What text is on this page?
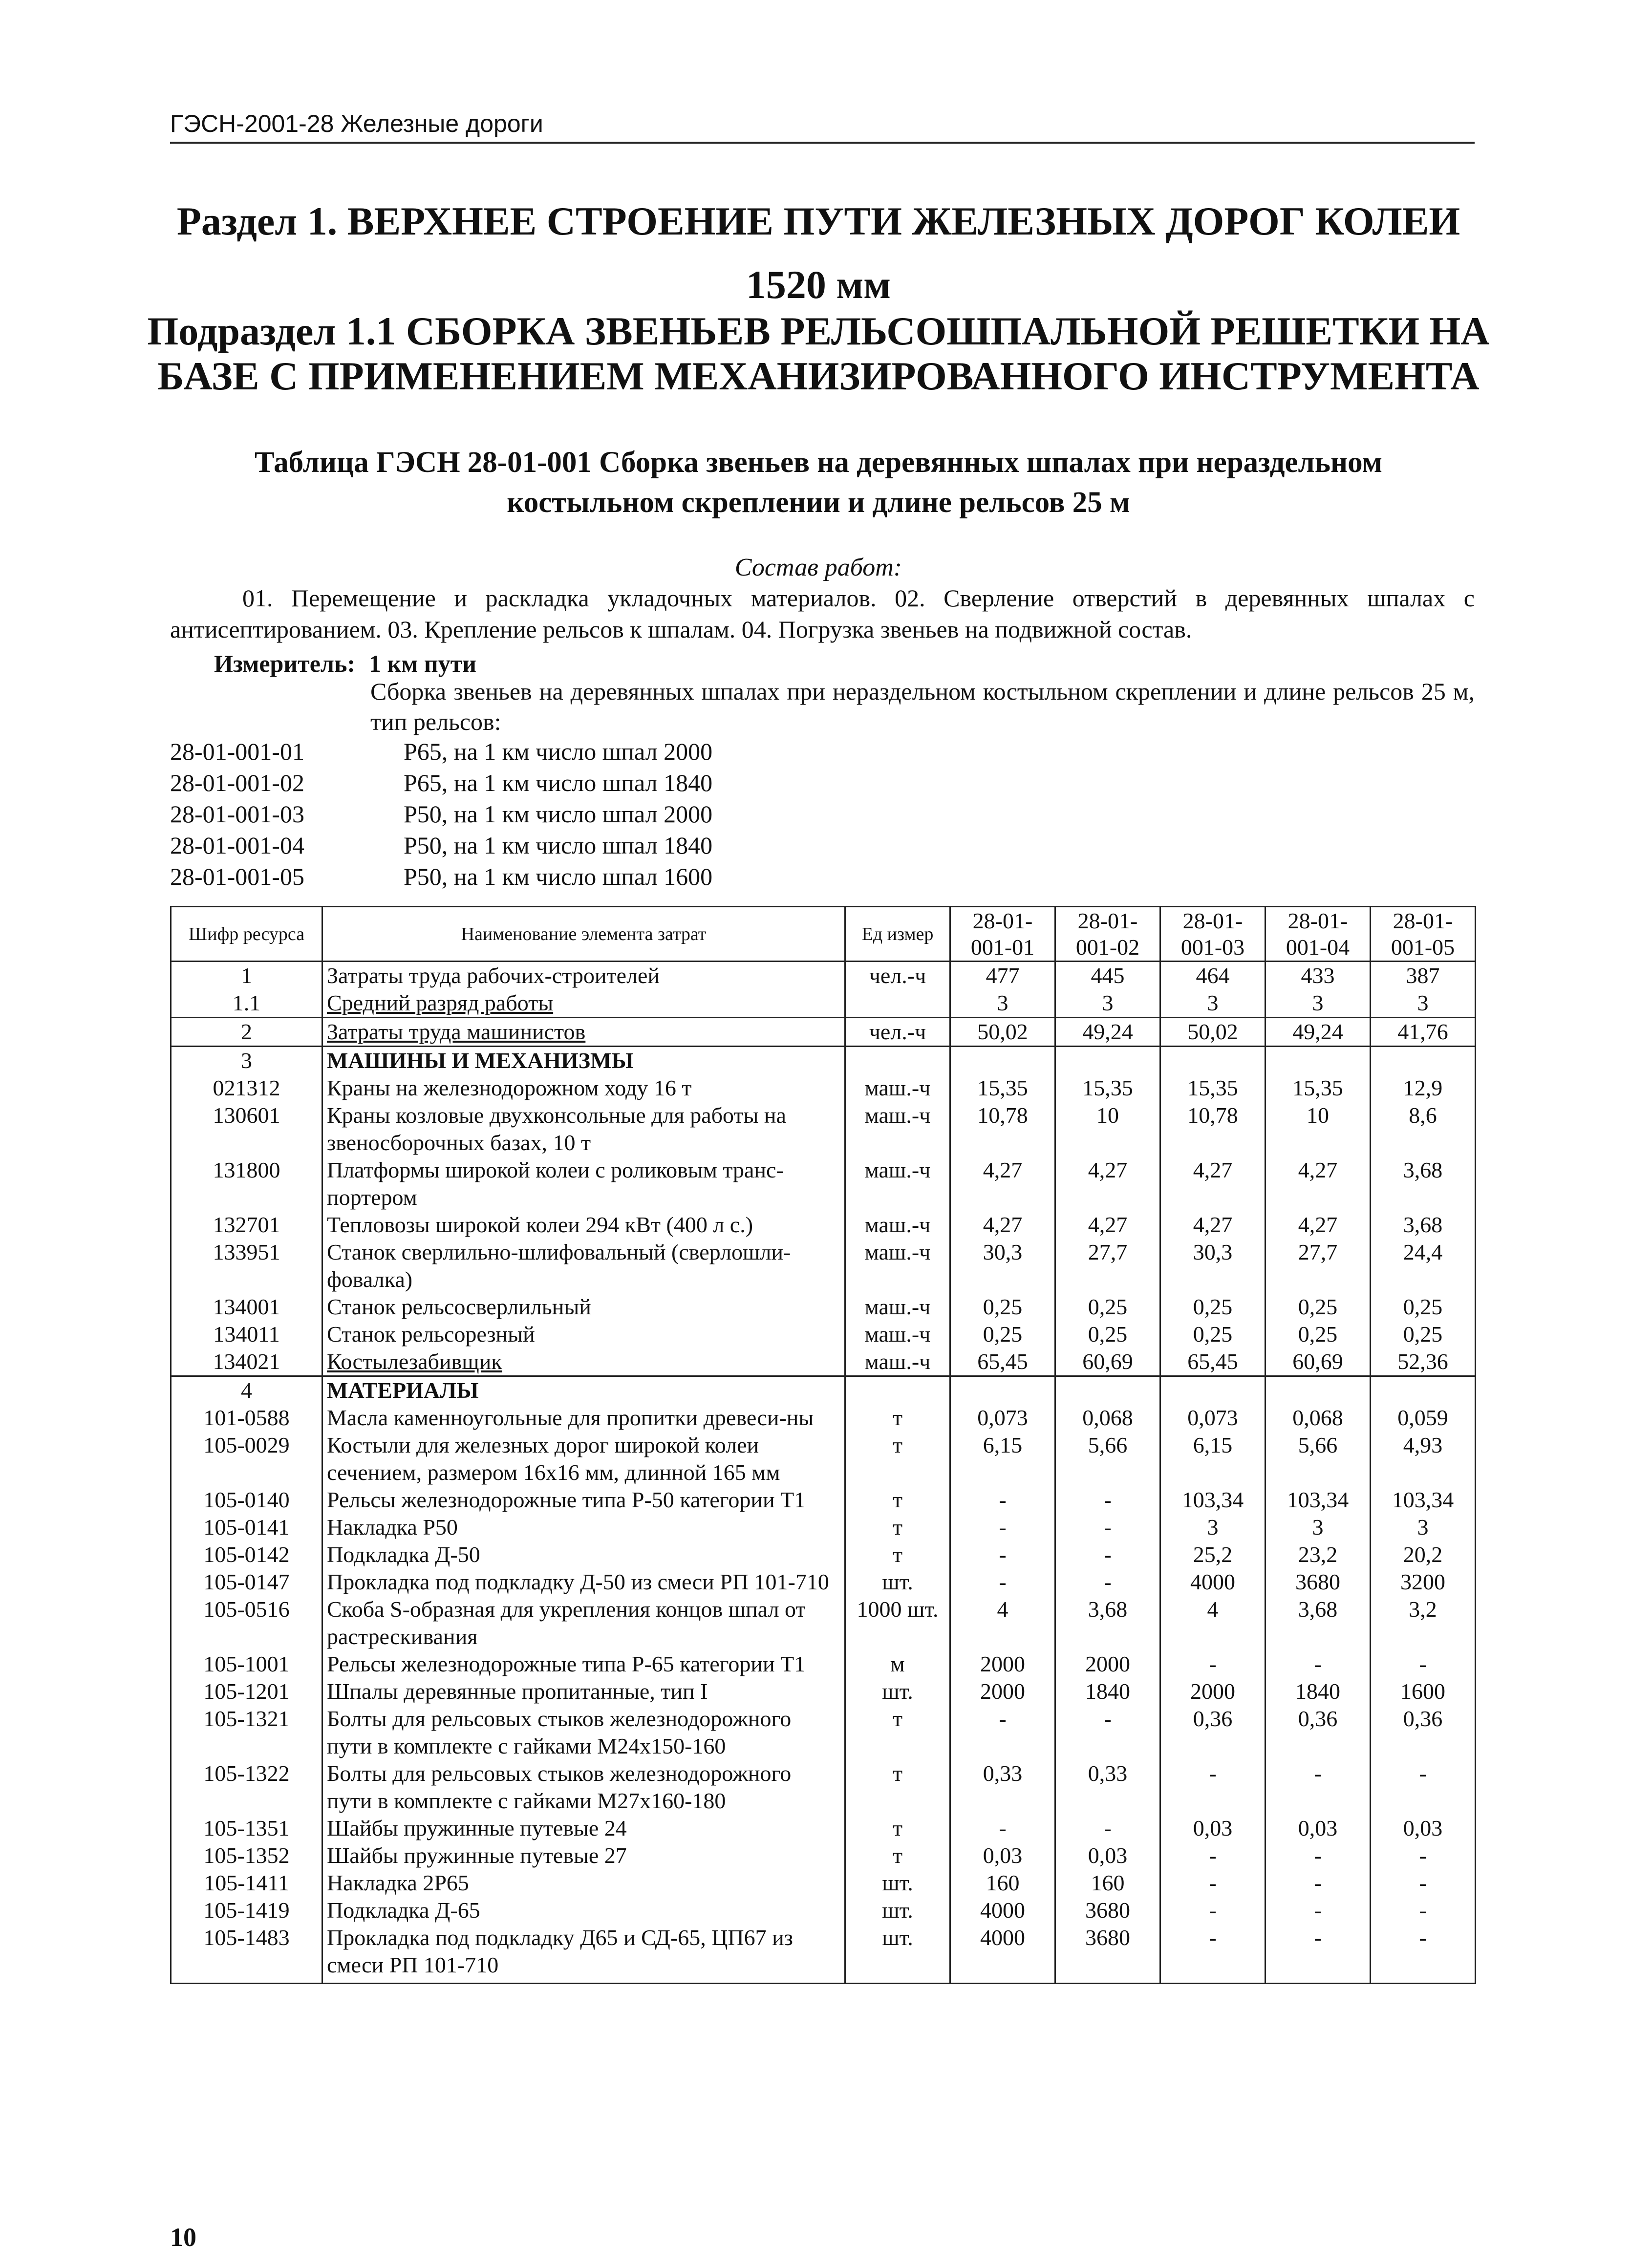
ГЭСН-2001-28 Железные дороги
Раздел 1. ВЕРХНЕЕ СТРОЕНИЕ ПУТИ ЖЕЛЕЗНЫХ ДОРОГ КОЛЕИ
1520 мм
Подраздел 1.1 СБОРКА ЗВЕНЬЕВ РЕЛЬСОШПАЛЬНОЙ РЕШЕТКИ НА
БАЗЕ С ПРИМЕНЕНИЕМ МЕХАНИЗИРОВАННОГО ИНСТРУМЕНТА
Таблица ГЭСН 28-01-001 Сборка звеньев на деревянных шпалах при нераздельном
костыльном скреплении и длине рельсов 25 м
Состав работ:
01. Перемещение и раскладка укладочных материалов. 02. Сверление отверстий в деревянных шпалах с антисептированием. 03. Крепление рельсов к шпалам. 04. Погрузка звеньев на подвижной состав.
Измеритель: 1 км пути
Сборка звеньев на деревянных шпалах при нераздельном костыльном скреплении и длине рельсов 25 м, тип рельсов:
28-01-001-01	Р65, на 1 км число шпал 2000
28-01-001-02	Р65, на 1 км число шпал 1840
28-01-001-03	Р50, на 1 км число шпал 2000
28-01-001-04	Р50, на 1 км число шпал 1840
28-01-001-05	Р50, на 1 км число шпал 1600
Шифр ресурса	Наименование элемента затрат	Ед измер	28-01-001-01	28-01-001-02	28-01-001-03	28-01-001-04	28-01-001-05
1	Затраты труда рабочих-строителей	чел.-ч	477	445	464	433	387
1.1	Средний разряд работы		3	3	3	3	3
2	Затраты труда машинистов	чел.-ч	50,02	49,24	50,02	49,24	41,76
3	МАШИНЫ И МЕХАНИЗМЫ						
021312	Краны на железнодорожном ходу 16 т	маш.-ч	15,35	15,35	15,35	15,35	12,9
130601	Краны козловые двухконсольные для работы на звеносборочных базах, 10 т	маш.-ч	10,78	10	10,78	10	8,6
131800	Платформы широкой колеи с роликовым транс-портером	маш.-ч	4,27	4,27	4,27	4,27	3,68
132701	Тепловозы широкой колеи 294 кВт (400 л с.)	маш.-ч	4,27	4,27	4,27	4,27	3,68
133951	Станок сверлильно-шлифовальный (сверлошли-фовалка)	маш.-ч	30,3	27,7	30,3	27,7	24,4
134001	Станок рельсосверлильный	маш.-ч	0,25	0,25	0,25	0,25	0,25
134011	Станок рельсорезный	маш.-ч	0,25	0,25	0,25	0,25	0,25
134021	Костылезабивщик	маш.-ч	65,45	60,69	65,45	60,69	52,36
4	МАТЕРИАЛЫ						
101-0588	Масла каменноугольные для пропитки древеси-ны	т	0,073	0,068	0,073	0,068	0,059
105-0029	Костыли для железных дорог широкой колеи сечением, размером 16х16 мм, длинной 165 мм	т	6,15	5,66	6,15	5,66	4,93
105-0140	Рельсы железнодорожные типа Р-50 категории Т1	т	-	-	103,34	103,34	103,34
105-0141	Накладка Р50	т	-	-	3	3	3
105-0142	Подкладка Д-50	т	-	-	25,2	23,2	20,2
105-0147	Прокладка под подкладку Д-50 из смеси РП 101-710	шт.	-	-	4000	3680	3200
105-0516	Скоба S-образная для укрепления концов шпал от растрескивания	1000 шт.	4	3,68	4	3,68	3,2
105-1001	Рельсы железнодорожные типа Р-65 категории Т1	м	2000	2000	-	-	-
105-1201	Шпалы деревянные пропитанные, тип I	шт.	2000	1840	2000	1840	1600
105-1321	Болты для рельсовых стыков железнодорожного пути в комплекте с гайками М24х150-160	т	-	-	0,36	0,36	0,36
105-1322	Болты для рельсовых стыков железнодорожного пути в комплекте с гайками М27х160-180	т	0,33	0,33	-	-	-
105-1351	Шайбы пружинные путевые 24	т	-	-	0,03	0,03	0,03
105-1352	Шайбы пружинные путевые 27	т	0,03	0,03	-	-	-
105-1411	Накладка 2Р65	шт.	160	160	-	-	-
105-1419	Подкладка Д-65	шт.	4000	3680	-	-	-
105-1483	Прокладка под подкладку Д65 и СД-65, ЦП67 из смеси РП 101-710	шт.	4000	3680	-	-	-
10
